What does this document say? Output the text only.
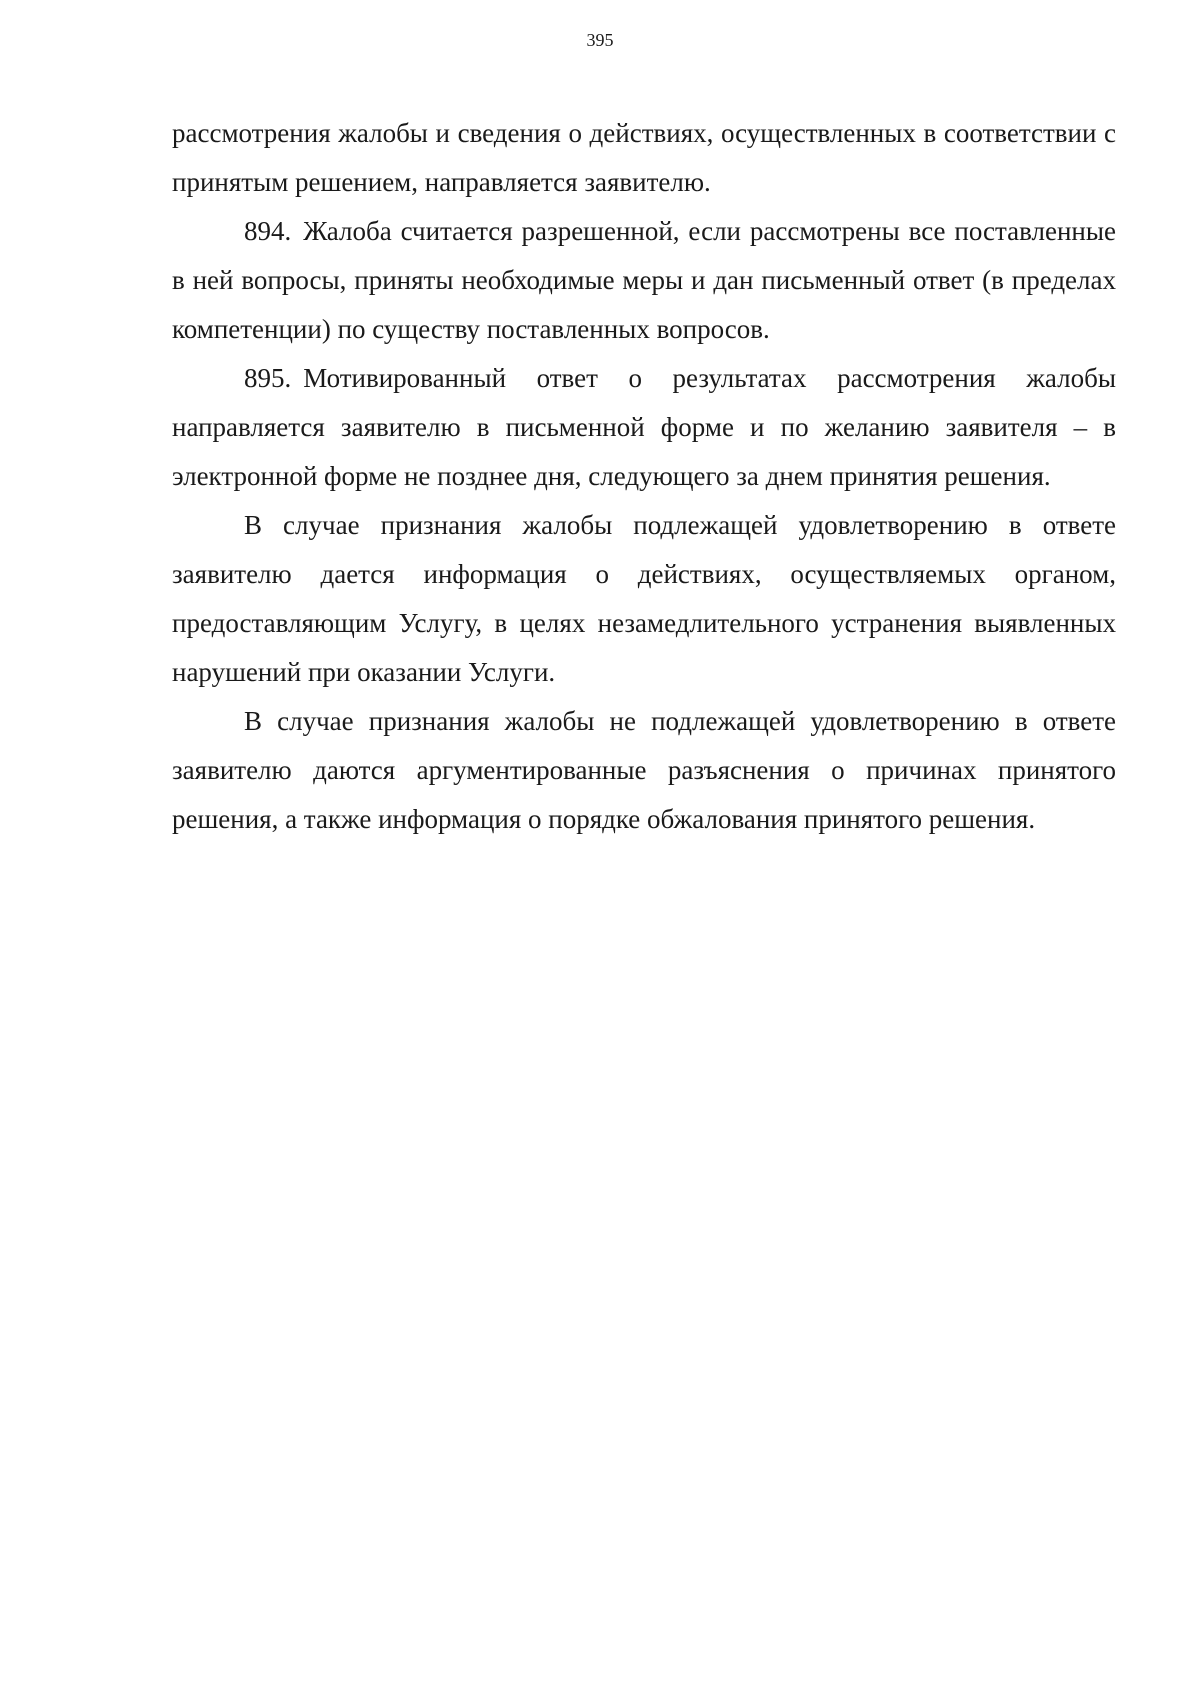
395

рассмотрения жалобы и сведения о действиях, осуществленных в соответствии с принятым решением, направляется заявителю.

894. Жалоба считается разрешенной, если рассмотрены все поставленные в ней вопросы, приняты необходимые меры и дан письменный ответ (в пределах компетенции) по существу поставленных вопросов.

895. Мотивированный ответ о результатах рассмотрения жалобы направляется заявителю в письменной форме и по желанию заявителя – в электронной форме не позднее дня, следующего за днем принятия решения.

В случае признания жалобы подлежащей удовлетворению в ответе заявителю дается информация о действиях, осуществляемых органом, предоставляющим Услугу, в целях незамедлительного устранения выявленных нарушений при оказании Услуги.

В случае признания жалобы не подлежащей удовлетворению в ответе заявителю даются аргументированные разъяснения о причинах принятого решения, а также информация о порядке обжалования принятого решения.
